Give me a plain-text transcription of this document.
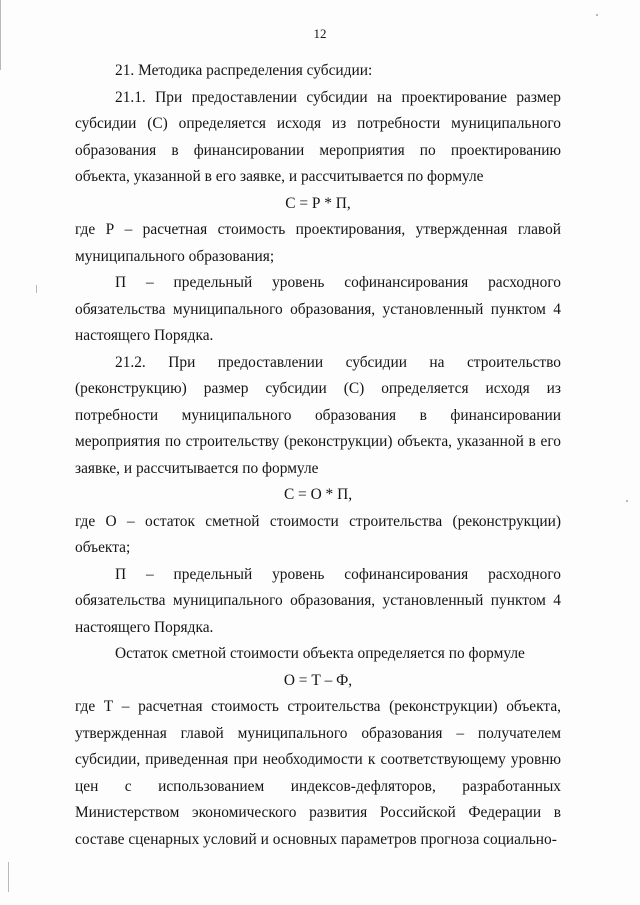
12

21. Методика распределения субсидии:

21.1. При предоставлении субсидии на проектирование размер субсидии (С) определяется исходя из потребности муниципального образования в финансировании мероприятия по проектированию объекта, указанной в его заявке, и рассчитывается по формуле

С = Р * П,

где Р – расчетная стоимость проектирования, утвержденная главой муниципального образования;

П – предельный уровень софинансирования расходного обязательства муниципального образования, установленный пунктом 4 настоящего Порядка.

21.2. При предоставлении субсидии на строительство (реконструкцию) размер субсидии (С) определяется исходя из потребности муниципального образования в финансировании мероприятия по строительству (реконструкции) объекта, указанной в его заявке, и рассчитывается по формуле

С = О * П,

где О – остаток сметной стоимости строительства (реконструкции) объекта;

П – предельный уровень софинансирования расходного обязательства муниципального образования, установленный пунктом 4 настоящего Порядка.

Остаток сметной стоимости объекта определяется по формуле

О = Т – Ф,

где Т – расчетная стоимость строительства (реконструкции) объекта, утвержденная главой муниципального образования – получателем субсидии, приведенная при необходимости к соответствующему уровню цен с использованием индексов-дефляторов, разработанных Министерством экономического развития Российской Федерации в составе сценарных условий и основных параметров прогноза социально-
